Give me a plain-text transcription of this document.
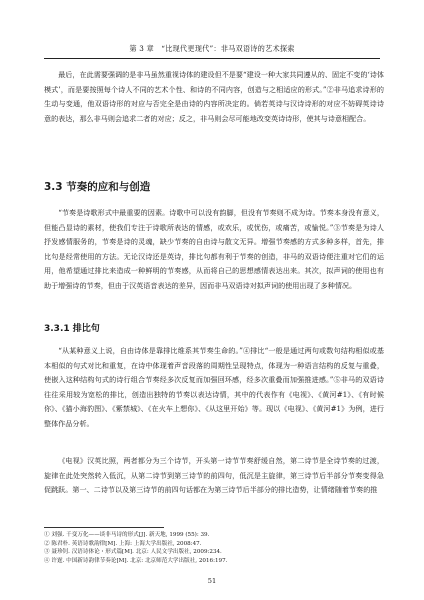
第 3 章　“比现代更现代”：非马双语诗的艺术探索

最后，在此需要强调的是非马虽然重视诗体的建设但不是要“建设一种大家共同遵从的、固定不变的‘诗体模式’，而是要按照每个诗人不同的艺术个性、和诗的不同内容，创造与之相适应的形式。”②非马追求诗形的生动与变通，他双语诗形的对应与否完全是由诗的内容所决定的。倘若英诗与汉诗诗形的对应不妨碍英诗诗意的表达，那么非马则会追求二者的对应；反之，非马则会尽可能地改变英诗诗形，使其与诗意相配合。

3.3 节奏的应和与创造

“节奏是诗歌形式中最重要的因素。诗歌中可以没有韵脚，但没有节奏则不成为诗。节奏本身没有意义，但能凸显诗的素材，使我们专注于诗歌所表达的情感，或欢乐，或忧伤，或痛苦，或愉悦。”③节奏是为诗人抒发感情服务的，节奏是诗的灵魂，缺少节奏的自由诗与散文无异。增强节奏感的方式多种多样，首先，排比句是经常使用的方法。无论汉诗还是英诗，排比句都有利于节奏的创造，非马的双语诗便注重对它们的运用，他希望通过排比来造成一种鲜明的节奏感，从而将自己的思想感情表达出来。其次，拟声词的使用也有助于增强诗的节奏，但由于汉英语音表达的差异，因而非马双语诗对拟声词的使用出现了多种情况。

3.3.1 排比句

“从某种意义上说，自由诗体是靠排比维系其节奏生命的。”④排比“一般是通过两句或数句结构相似或基本相似的句式对比和重复，在诗中体现着声音段落的周期性呈现特点，体现为一种语言结构的反复与重叠，使嵌入这种结构句式的诗行组合节奏经多次反复而加强回环感，经多次重叠而加强推进感。”⑤非马的双语诗往往采用较为宽松的排比，创造出独特的节奏以表达诗情，其中的代表作有《电视》、《黄河#1》、《有时候你》、《猫小海豹图》、《紫禁城》、《在火车上想你》、《从这里开始》等。现以《电视》、《黄河#1》为例，进行整体作品分析。

《电视》汉英比照，两者都分为三个诗节，开头第一诗节节奏舒缓自然，第二诗节是全诗节奏的过渡，旋律在此处突然转入低沉，从第二诗节到第三诗节的前四句，低沉是主旋律，第三诗节后半部分节奏变得急促跳跃。第一、二诗节以及第三诗节的前四句话都在为第三诗节后半部分的排比造势，让情绪随着节奏的推

① 刘强. 千变万化——谈非马诗的形式[J]. 新天地, 1999 (55): 39.
② 陈君朴. 英语诗歌韵律[M]. 上海: 上海大学出版社, 2008:47.
③ 聂珍钊. 汉语诗体论・形式篇[M]. 北京: 人民文学出版社, 2009:234.
④ 许霆. 中国新诗韵律节奏论[M]. 北京: 北京师范大学出版社, 2016:197.
51
